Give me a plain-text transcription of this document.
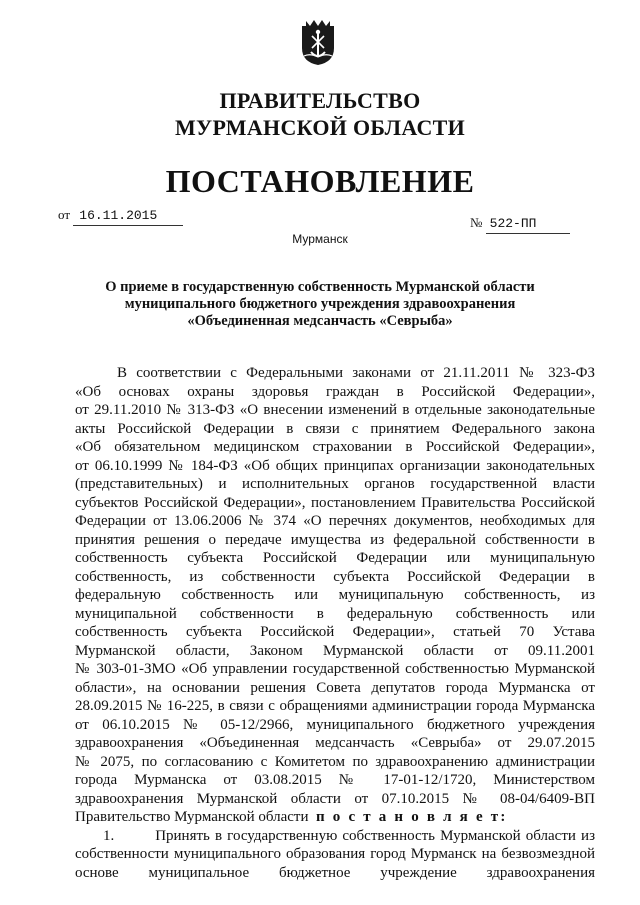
ПРАВИТЕЛЬСТВО
МУРМАНСКОЙ ОБЛАСТИ
ПОСТАНОВЛЕНИЕ
от 16.11.2015	№ 522-ПП
Мурманск
О приеме в государственную собственность Мурманской области
муниципального бюджетного учреждения здравоохранения
«Объединенная медсанчасть «Севрыба»
В соответствии с Федеральными законами от 21.11.2011 № 323-ФЗ
«Об основах охраны здоровья граждан в Российской Федерации»,
от 29.11.2010 № 313-ФЗ «О внесении изменений в отдельные законодательные
акты Российской Федерации в связи с принятием Федерального закона
«Об обязательном медицинском страховании в Российской Федерации»,
от 06.10.1999 № 184-ФЗ «Об общих принципах организации законодательных
(представительных) и исполнительных органов государственной власти
субъектов Российской Федерации», постановлением Правительства Российской
Федерации от 13.06.2006 № 374 «О перечнях документов, необходимых для
принятия решения о передаче имущества из федеральной собственности в
собственность субъекта Российской Федерации или муниципальную
собственность, из собственности субъекта Российской Федерации в
федеральную собственность или муниципальную собственность, из
муниципальной собственности в федеральную собственность или
собственность субъекта Российской Федерации», статьей 70 Устава
Мурманской области, Законом Мурманской области от 09.11.2001
№ 303-01-ЗМО «Об управлении государственной собственностью Мурманской
области», на основании решения Совета депутатов города Мурманска от
28.09.2015 № 16-225, в связи с обращениями администрации города Мурманска
от 06.10.2015 № 05-12/2966, муниципального бюджетного учреждения
здравоохранения «Объединенная медсанчасть «Севрыба» от 29.07.2015
№ 2075, по согласованию с Комитетом по здравоохранению администрации
города Мурманска от 03.08.2015 № 17-01-12/1720, Министерством
здравоохранения Мурманской области от 07.10.2015 № 08-04/6409-ВП
Правительство Мурманской области п о с т а н о в л я е т:
1.	Принять в государственную собственность Мурманской области из
собственности муниципального образования город Мурманск на безвозмездной
основе муниципальное бюджетное учреждение здравоохранения
